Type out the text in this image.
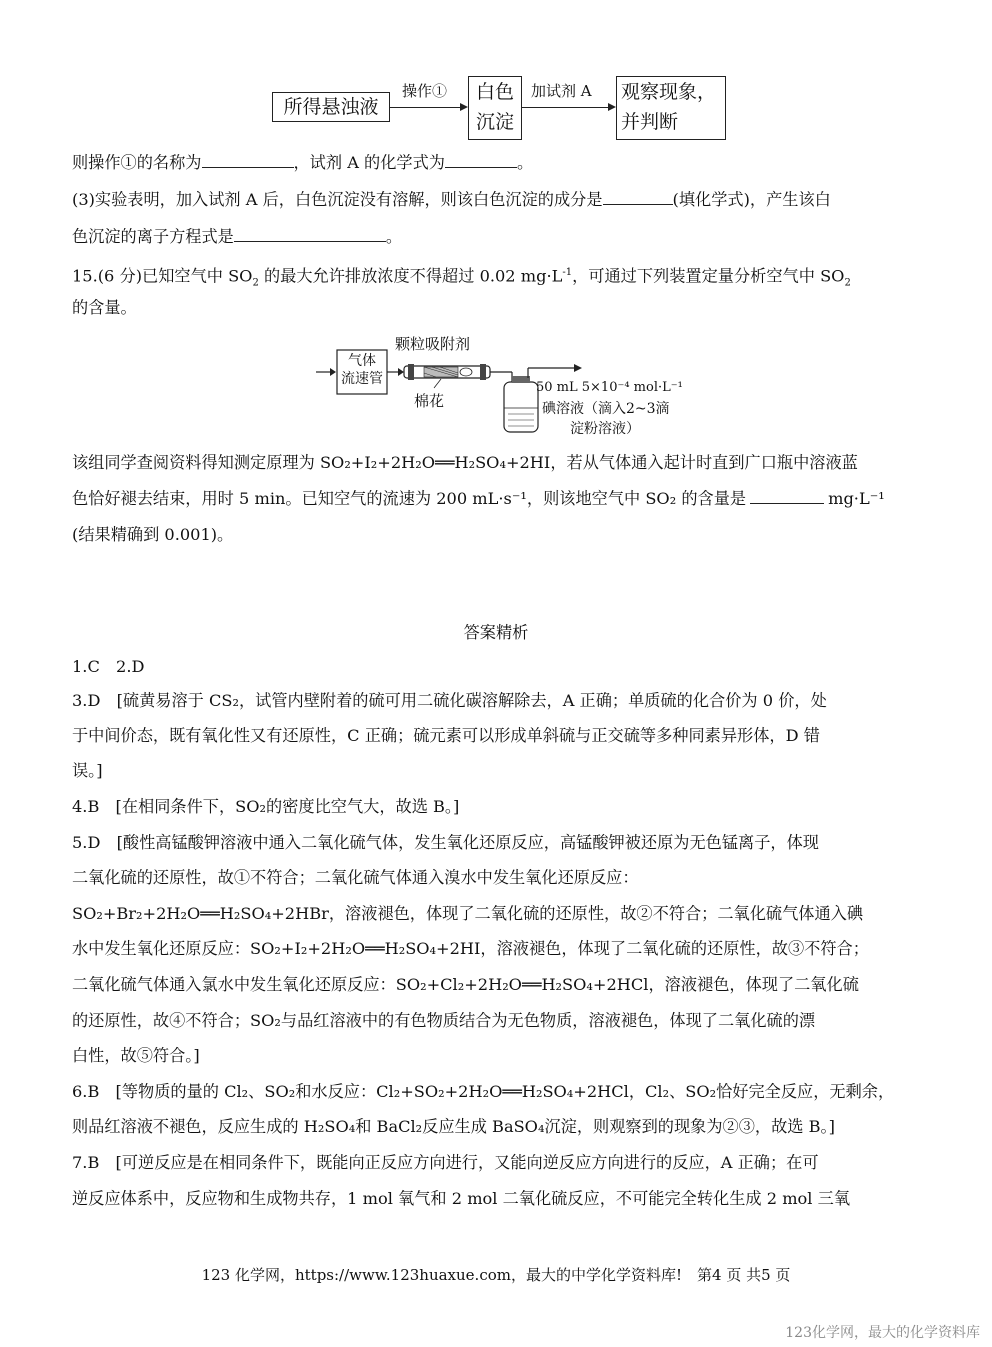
所得悬浊液
操作①	白色
沉淀
加试剂 A 观察现象，
并判断
则操作①的名称为	，试剂 A 的化学式为	。
(3)实验表明，加入试剂 A 后，白色沉淀没有溶解，则该白色沉淀的成分是	(填化学式)，产生该白
色沉淀的离子方程式是	。
15.(6 分)已知空气中 $SO_2$ 的最大允许排放浓度不得超过 0.02 $mg\cdot L^{-1}$，可通过下列装置定量分析空气中 $SO_2$
的含量。
气体
流速管
颗粒吸附剂
棉花
50 mL 5×10⁻⁴ mol·L⁻¹
碘溶液（滴入2~3滴
淀粉溶液）
该组同学查阅资料得知测定原理为 SO₂+I₂+2H₂O══H₂SO₄+2HI，若从气体通入起计时直到广口瓶中溶液蓝
色恰好褪去结束，用时 5 min。已知空气的流速为 200 mL·s⁻¹，则该地空气中 SO₂ 的含量是	mg·L⁻¹
(结果精确到 0.001)。
答案精析
1.C　2.D
3.D　[硫黄易溶于 CS₂，试管内壁附着的硫可用二硫化碳溶解除去，A 正确；单质硫的化合价为 0 价，处
于中间价态，既有氧化性又有还原性，C 正确；硫元素可以形成单斜硫与正交硫等多种同素异形体，D 错
误。]
4.B　[在相同条件下，SO₂的密度比空气大，故选 B。]
5.D　[酸性高锰酸钾溶液中通入二氧化硫气体，发生氧化还原反应，高锰酸钾被还原为无色锰离子，体现
二氧化硫的还原性，故①不符合；二氧化硫气体通入溴水中发生氧化还原反应：
SO₂+Br₂+2H₂O══H₂SO₄+2HBr，溶液褪色，体现了二氧化硫的还原性，故②不符合；二氧化硫气体通入碘
水中发生氧化还原反应：SO₂+I₂+2H₂O══H₂SO₄+2HI，溶液褪色，体现了二氧化硫的还原性，故③不符合；
二氧化硫气体通入氯水中发生氧化还原反应：SO₂+Cl₂+2H₂O══H₂SO₄+2HCl，溶液褪色，体现了二氧化硫
的还原性，故④不符合；SO₂与品红溶液中的有色物质结合为无色物质，溶液褪色，体现了二氧化硫的漂
白性，故⑤符合。]
6.B　[等物质的量的 Cl₂、SO₂和水反应：Cl₂+SO₂+2H₂O══H₂SO₄+2HCl，Cl₂、SO₂恰好完全反应，无剩余，
则品红溶液不褪色，反应生成的 H₂SO₄和 BaCl₂反应生成 BaSO₄沉淀，则观察到的现象为②③，故选 B。]
7.B　[可逆反应是在相同条件下，既能向正反应方向进行，又能向逆反应方向进行的反应，A 正确；在可
逆反应体系中，反应物和生成物共存，1 mol 氧气和 2 mol 二氧化硫反应，不可能完全转化生成 2 mol 三氧
123 化学网，https://www.123huaxue.com，最大的中学化学资料库!　第4 页 共5 页
123化学网，最大的化学资料库
